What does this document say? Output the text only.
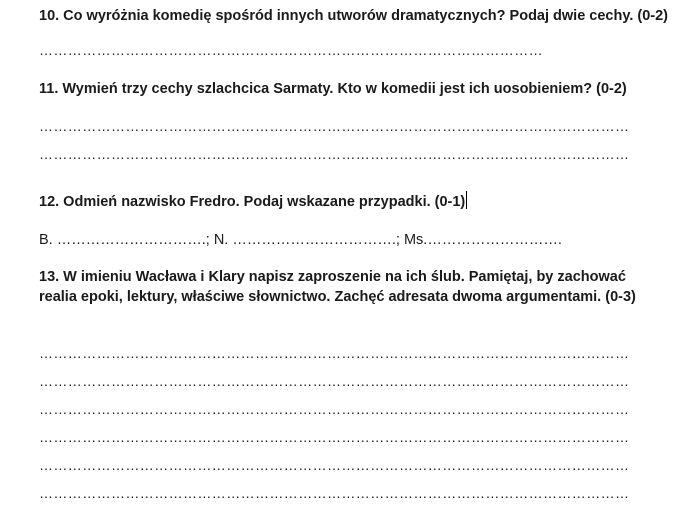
10. Co wyróżnia komedię spośród innych utworów dramatycznych? Podaj dwie cechy. (0-2)
……………………………………………………………………………………………
11. Wymień trzy cechy szlachcica Sarmaty. Kto w komedii jest ich uosobieniem? (0-2)
……………………………………………………………………………………………………………
……………………………………………………………………………………………………………
12. Odmień nazwisko Fredro. Podaj wskazane przypadki. (0-1)
B. ………………………….; N. …………………………….; Ms.……………………….
13. W imieniu Wacława i Klary napisz zaproszenie na ich ślub. Pamiętaj, by zachować realia epoki, lektury, właściwe słownictwo. Zachęć adresata dwoma argumentami. (0-3)
……………………………………………………………………………………………………………
……………………………………………………………………………………………………………
……………………………………………………………………………………………………………
……………………………………………………………………………………………………………
……………………………………………………………………………………………………………
……………………………………………………………………………………………………………
